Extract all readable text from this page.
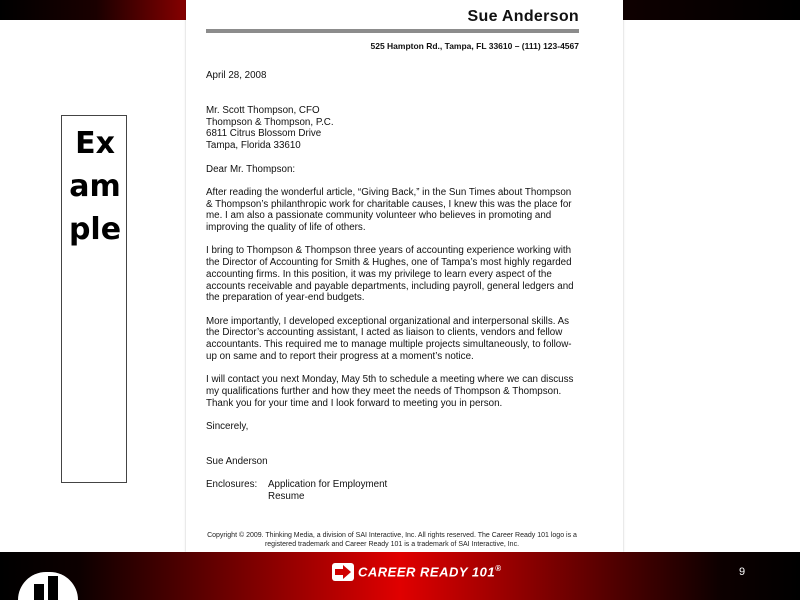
Ex
am
ple
Sue Anderson
525 Hampton Rd., Tampa, FL 33610 – (111) 123-4567

April 28, 2008

Mr. Scott Thompson, CFO

Thompson & Thompson, P.C.

6811 Citrus Blossom Drive

Tampa, Florida 33610

Dear Mr. Thompson:

After reading the wonderful article, “Giving Back,” in the Sun Times about Thompson & Thompson’s philanthropic work for charitable causes, I knew this was the place for me. I am also a passionate community volunteer who believes in promoting and improving the quality of life of others.

I bring to Thompson & Thompson three years of accounting experience working with the Director of Accounting for Smith & Hughes, one of Tampa’s most highly regarded accounting firms. In this position, it was my privilege to learn every aspect of the accounts receivable and payable departments, including payroll, general ledgers and the preparation of year-end budgets.

More importantly, I developed exceptional organizational and interpersonal skills. As the Director’s accounting assistant, I acted as liaison to clients, vendors and fellow accountants. This required me to manage multiple projects simultaneously, to follow-up on same and to report their progress at a moment’s notice.

I will contact you next Monday, May 5th to schedule a meeting where we can discuss my qualifications further and how they meet the needs of Thompson & Thompson. Thank you for your time and I look forward to meeting you in person.

Sincerely,

Sue Anderson

Enclosures:	Application for Employment
Resume
Copyright © 2009. Thinking Media, a division of SAI Interactive, Inc. All rights reserved. The Career Ready 101 logo is a registered trademark and Career Ready 101 is a trademark of SAI Interactive, Inc.
CAREER READY 101®	9
